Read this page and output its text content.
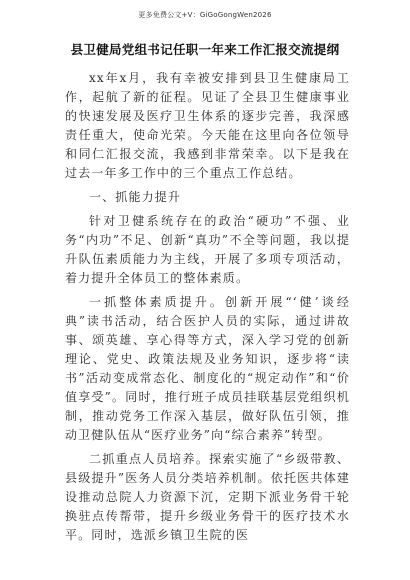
更多免费公文+V：GiGoGongWen2026
县卫健局党组书记任职一年来工作汇报交流提纲

xx年x月，我有幸被安排到县卫生健康局工作，起航了新的征程。见证了全县卫生健康事业的快速发展及医疗卫生体系的逐步完善，我深感责任重大，使命光荣。今天能在这里向各位领导和同仁汇报交流，我感到非常荣幸。以下是我在过去一年多工作中的三个重点工作总结。

一、抓能力提升

针对卫健系统存在的政治“硬功”不强、业务“内功”不足、创新“真功”不全等问题，我以提升队伍素质能力为主线，开展了多项专项活动，着力提升全体员工的整体素质。

一抓整体素质提升。创新开展“‘健’谈经典”读书活动，结合医护人员的实际，通过讲故事、颂英雄、享心得等方式，深入学习党的创新理论、党史、政策法规及业务知识，逐步将“读书”活动变成常态化、制度化的“规定动作”和“价值享受”。同时，推行班子成员挂联基层党组织机制，推动党务工作深入基层，做好队伍引领，推动卫健队伍从“医疗业务”向“综合素养”转型。

二抓重点人员培养。探索实施了“乡级带教、县级提升”医务人员分类培养机制。依托医共体建设推动总院人力资源下沉，定期下派业务骨干轮换驻点传帮带，提升乡级业务骨干的医疗技术水平。同时，选派乡镇卫生院的医
